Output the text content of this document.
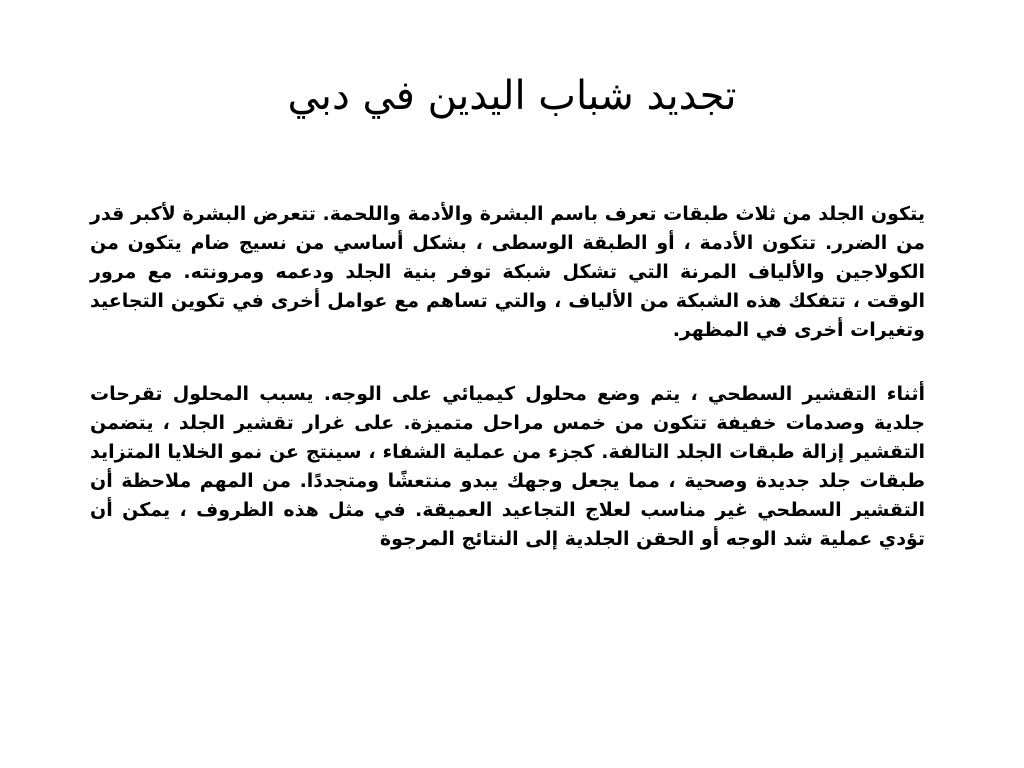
تجديد شباب اليدين في دبي

يتكون الجلد من ثلاث طبقات تعرف باسم البشرة والأدمة واللحمة. تتعرض البشرة لأكبر قدر من الضرر. تتكون الأدمة ، أو الطبقة الوسطى ، بشكل أساسي من نسيج ضام يتكون من الكولاجين والألياف المرنة التي تشكل شبكة توفر بنية الجلد ودعمه ومرونته. مع مرور الوقت ، تتفكك هذه الشبكة من الألياف ، والتي تساهم مع عوامل أخرى في تكوين التجاعيد وتغيرات أخرى في المظهر.

أثناء التقشير السطحي ، يتم وضع محلول كيميائي على الوجه. يسبب المحلول تقرحات جلدية وصدمات خفيفة تتكون من خمس مراحل متميزة. على غرار تقشير الجلد ، يتضمن التقشير إزالة طبقات الجلد التالفة. كجزء من عملية الشفاء ، سينتج عن نمو الخلايا المتزايد طبقات جلد جديدة وصحية ، مما يجعل وجهك يبدو منتعشًا ومتجددًا. من المهم ملاحظة أن التقشير السطحي غير مناسب لعلاج التجاعيد العميقة. في مثل هذه الظروف ، يمكن أن تؤدي عملية شد الوجه أو الحقن الجلدية إلى النتائج المرجوة
